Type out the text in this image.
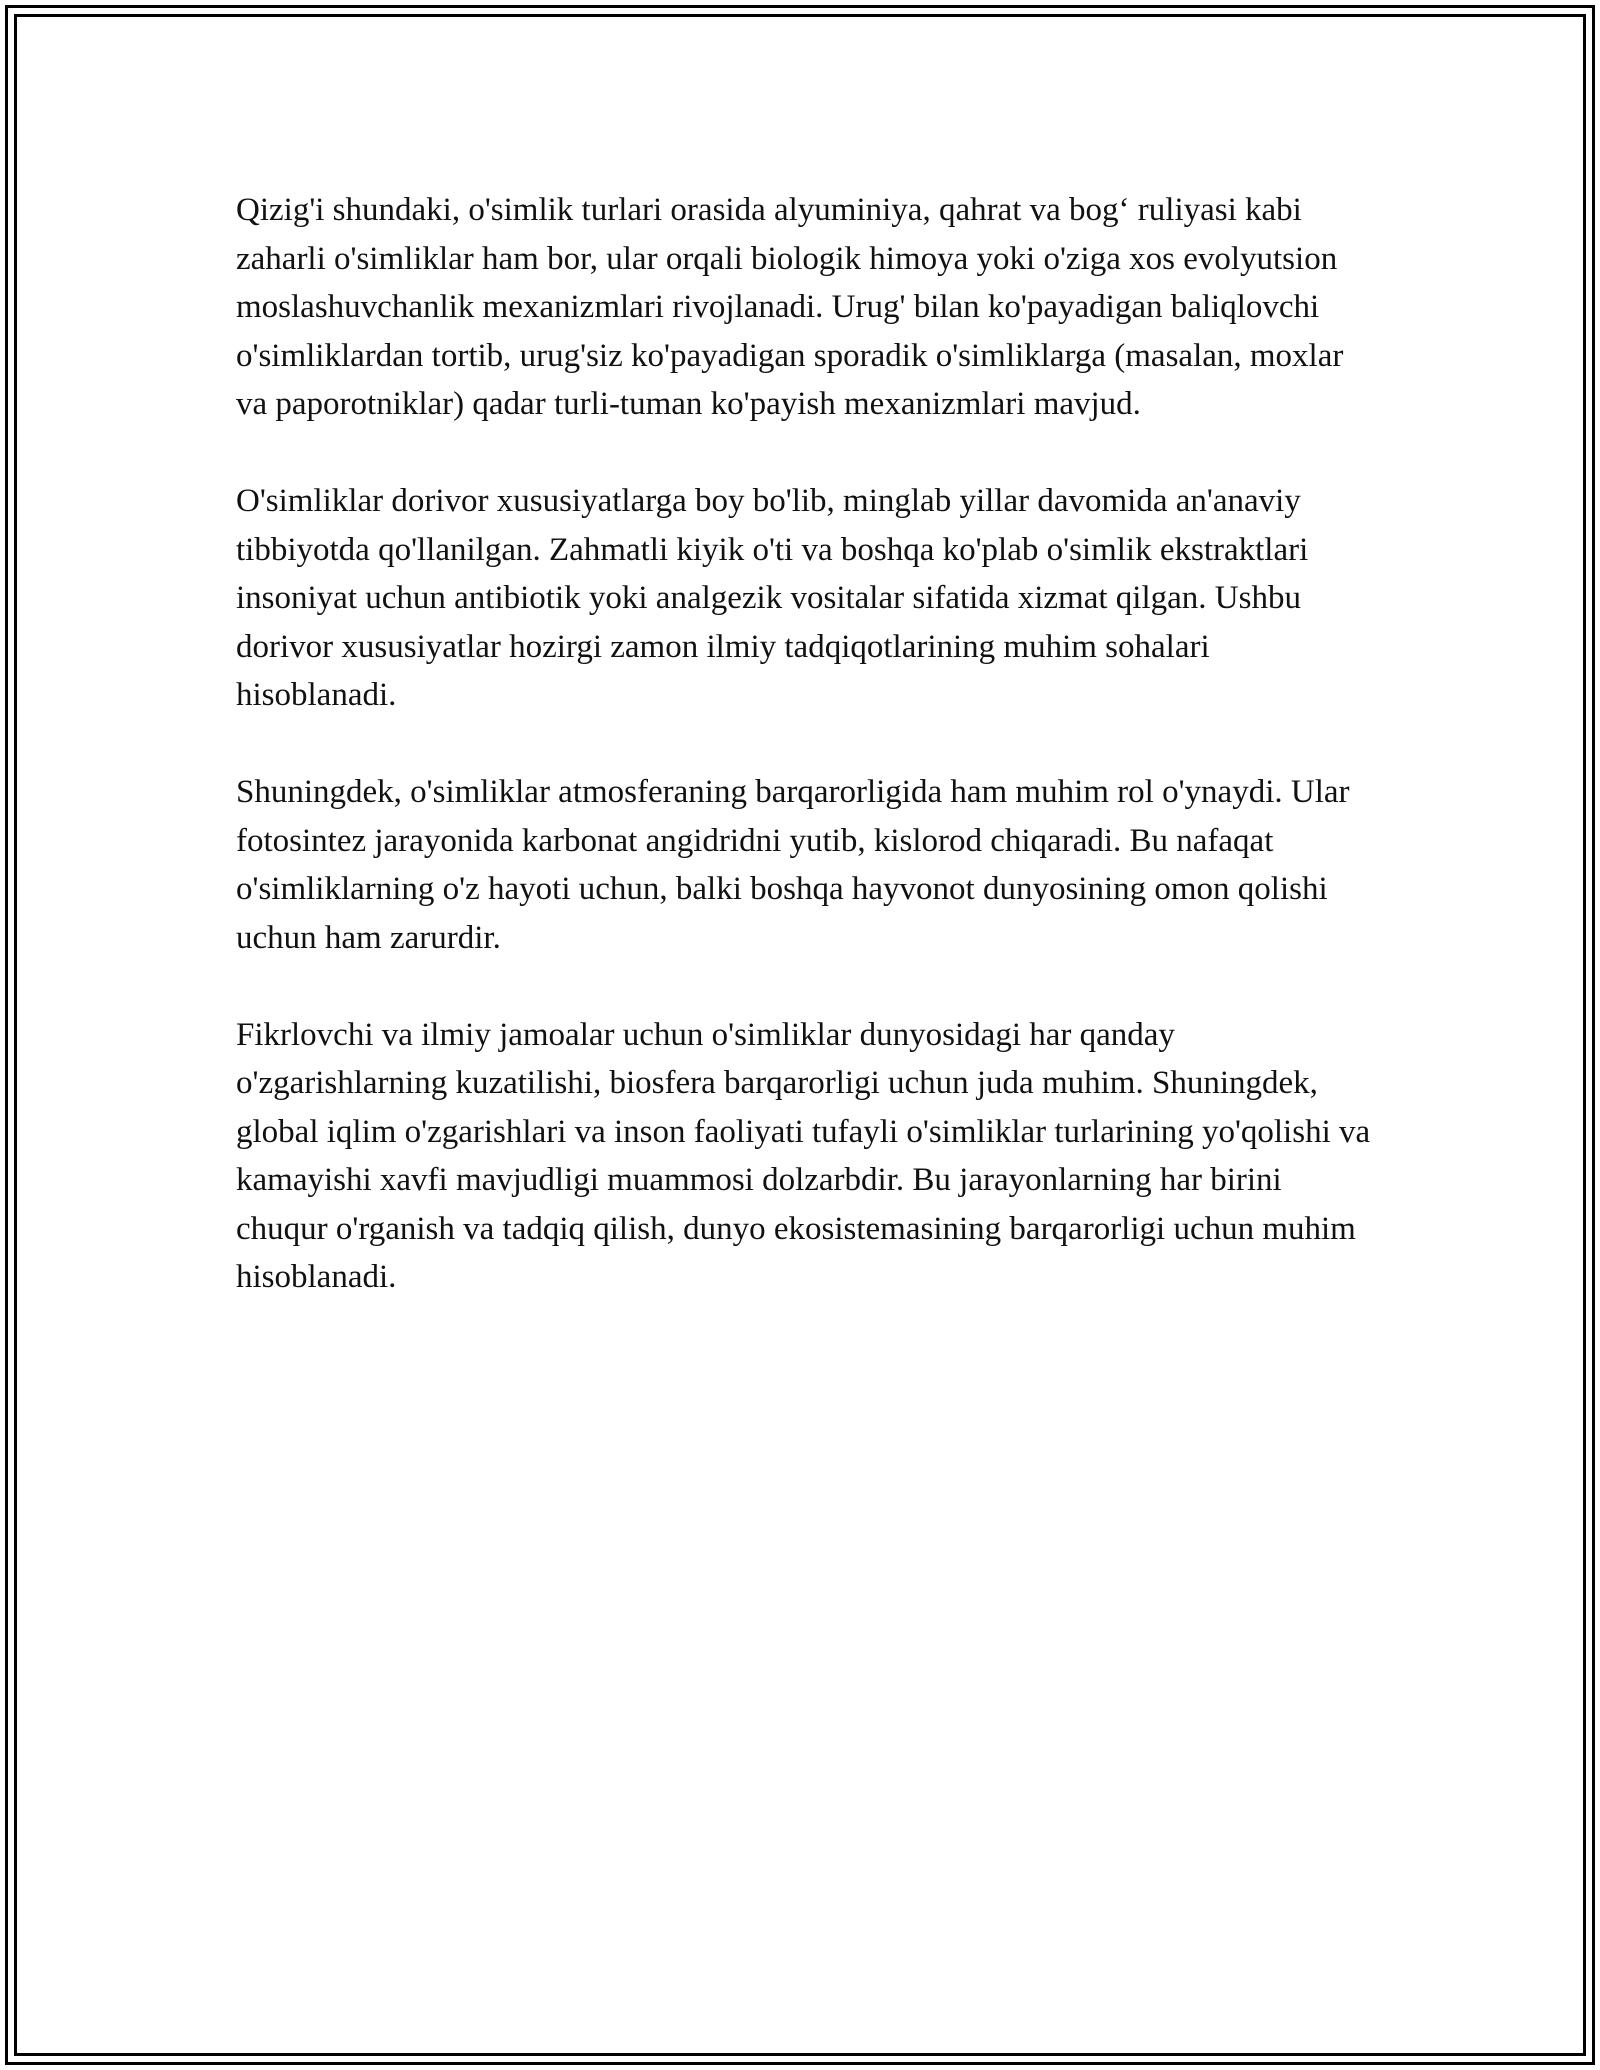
Qizig'i shundaki, o'simlik turlari orasida alyuminiya, qahrat va bog‘ ruliyasi kabi zaharli o'simliklar ham bor, ular orqali biologik himoya yoki o'ziga xos evolyutsion moslashuvchanlik mexanizmlari rivojlanadi. Urug' bilan ko'payadigan baliqlovchi o'simliklardan tortib, urug'siz ko'payadigan sporadik o'simliklarga (masalan, moxlar va paporotniklar) qadar turli-tuman ko'payish mexanizmlari mavjud.

O'simliklar dorivor xususiyatlarga boy bo'lib, minglab yillar davomida an'anaviy tibbiyotda qo'llanilgan. Zahmatli kiyik o'ti va boshqa ko'plab o'simlik ekstraktlari insoniyat uchun antibiotik yoki analgezik vositalar sifatida xizmat qilgan. Ushbu dorivor xususiyatlar hozirgi zamon ilmiy tadqiqotlarining muhim sohalari hisoblanadi.

Shuningdek, o'simliklar atmosferaning barqarorligida ham muhim rol o'ynaydi. Ular fotosintez jarayonida karbonat angidridni yutib, kislorod chiqaradi. Bu nafaqat o'simliklarning o'z hayoti uchun, balki boshqa hayvonot dunyosining omon qolishi uchun ham zarurdir.

Fikrlovchi va ilmiy jamoalar uchun o'simliklar dunyosidagi har qanday o'zgarishlarning kuzatilishi, biosfera barqarorligi uchun juda muhim. Shuningdek, global iqlim o'zgarishlari va inson faoliyati tufayli o'simliklar turlarining yo'qolishi va kamayishi xavfi mavjudligi muammosi dolzarbdir. Bu jarayonlarning har birini chuqur o'rganish va tadqiq qilish, dunyo ekosistemasining barqarorligi uchun muhim hisoblanadi.
